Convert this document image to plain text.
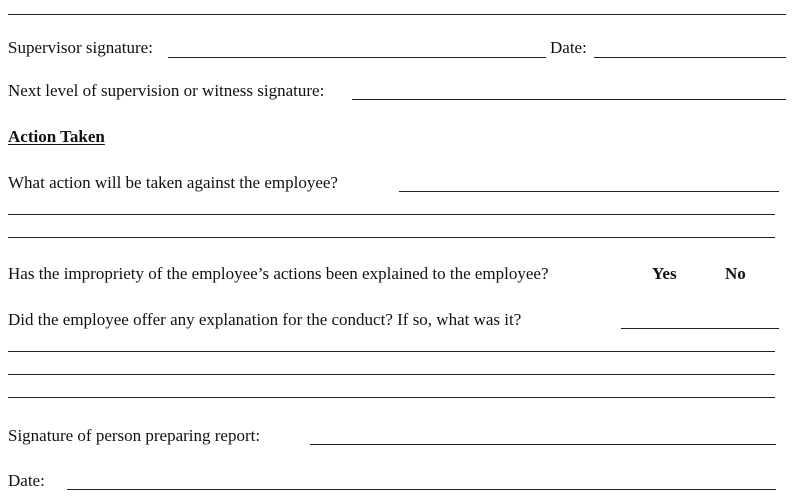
Supervisor signature:	Date:
Next level of supervision or witness signature:
Action Taken
What action will be taken against the employee?
Has the impropriety of the employee’s actions been explained to the employee?	Yes	No
Did the employee offer any explanation for the conduct? If so, what was it?
Signature of person preparing report:
Date:
